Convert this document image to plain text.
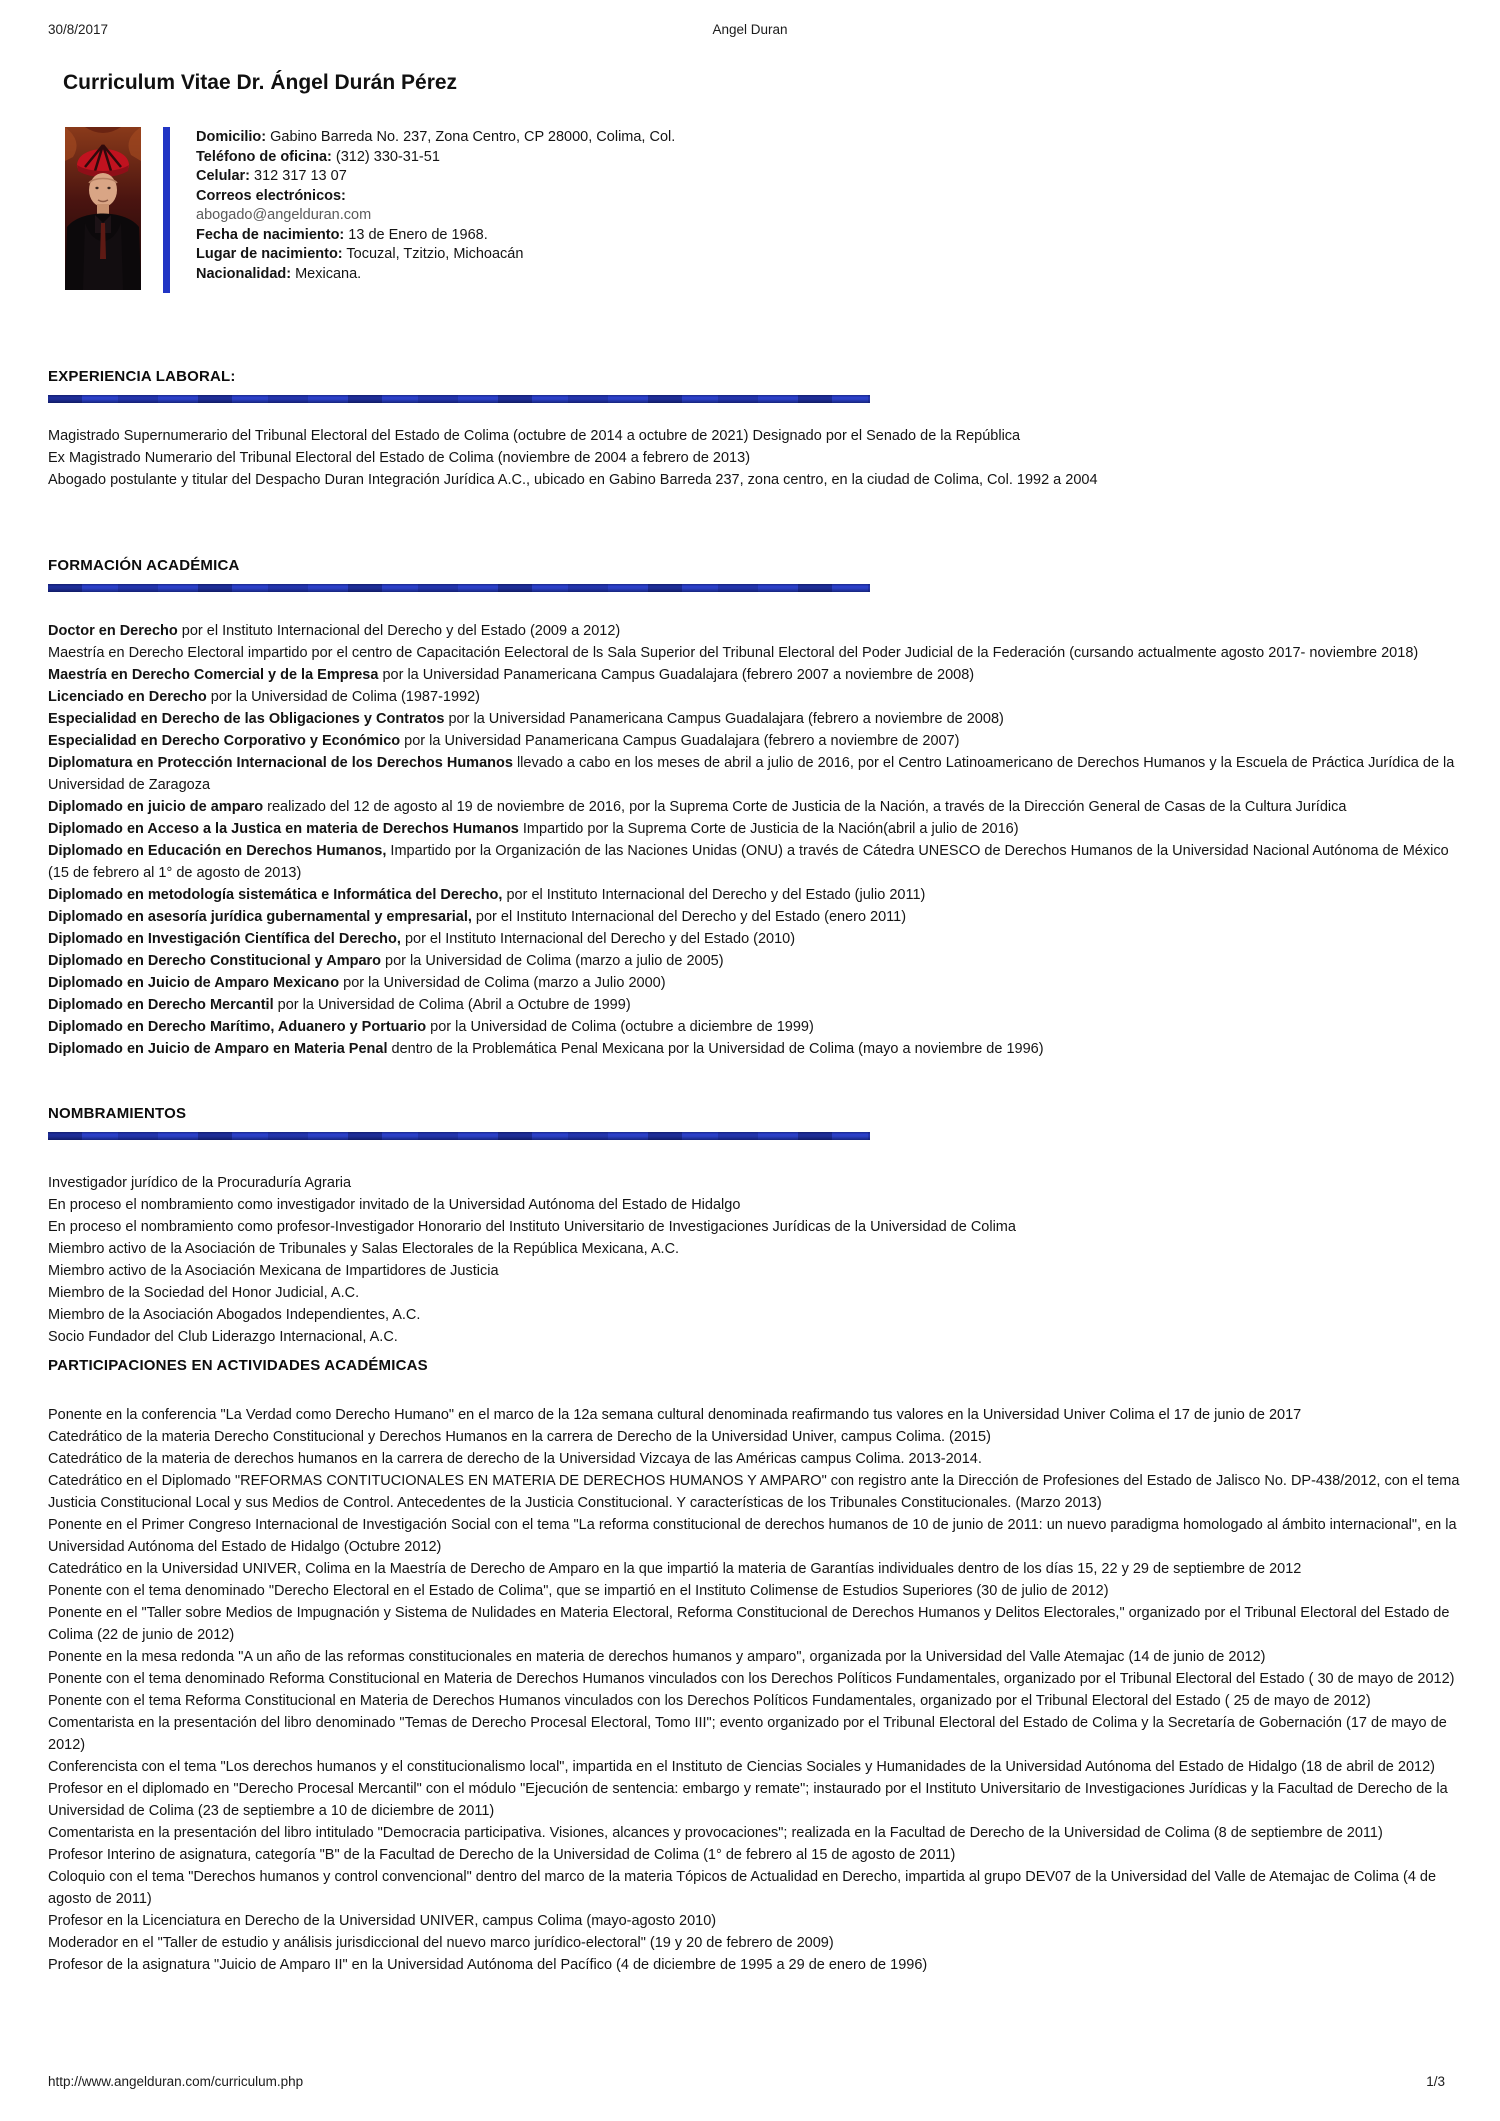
30/8/2017	Angel Duran
Curriculum Vitae Dr. Ángel Durán Pérez
Domicilio: Gabino Barreda No. 237, Zona Centro, CP 28000, Colima, Col.
Teléfono de oficina: (312) 330-31-51
Celular: 312 317 13 07
Correos electrónicos:
abogado@angelduran.com
Fecha de nacimiento: 13 de Enero de 1968.
Lugar de nacimiento: Tocuzal, Tzitzio, Michoacán
Nacionalidad: Mexicana.
EXPERIENCIA LABORAL:

Magistrado Supernumerario del Tribunal Electoral del Estado de Colima (octubre de 2014 a octubre de 2021) Designado por el Senado de la República

Ex Magistrado Numerario del Tribunal Electoral del Estado de Colima (noviembre de 2004 a febrero de 2013)

Abogado postulante y titular del Despacho Duran Integración Jurídica A.C., ubicado en Gabino Barreda 237, zona centro, en la ciudad de Colima, Col. 1992 a 2004

FORMACIÓN ACADÉMICA

Doctor en Derecho por el Instituto Internacional del Derecho y del Estado (2009 a 2012)

Maestría en Derecho Electoral impartido por el centro de Capacitación Eelectoral de ls Sala Superior del Tribunal Electoral del Poder Judicial de la Federación (cursando actualmente agosto 2017- noviembre 2018)

Maestría en Derecho Comercial y de la Empresa por la Universidad Panamericana Campus Guadalajara (febrero 2007 a noviembre de 2008)

Licenciado en Derecho por la Universidad de Colima (1987-1992)

Especialidad en Derecho de las Obligaciones y Contratos por la Universidad Panamericana Campus Guadalajara (febrero a noviembre de 2008)

Especialidad en Derecho Corporativo y Económico por la Universidad Panamericana Campus Guadalajara (febrero a noviembre de 2007)

Diplomatura en Protección Internacional de los Derechos Humanos llevado a cabo en los meses de abril a julio de 2016, por el Centro Latinoamericano de Derechos Humanos y la Escuela de Práctica Jurídica de la Universidad de Zaragoza

Diplomado en juicio de amparo realizado del 12 de agosto al 19 de noviembre de 2016, por la Suprema Corte de Justicia de la Nación, a través de la Dirección General de Casas de la Cultura Jurídica

Diplomado en Acceso a la Justica en materia de Derechos Humanos Impartido por la Suprema Corte de Justicia de la Nación(abril a julio de 2016)

Diplomado en Educación en Derechos Humanos, Impartido por la Organización de las Naciones Unidas (ONU) a través de Cátedra UNESCO de Derechos Humanos de la Universidad Nacional Autónoma de México (15 de febrero al 1° de agosto de 2013)

Diplomado en metodología sistemática e Informática del Derecho, por el Instituto Internacional del Derecho y del Estado (julio 2011)

Diplomado en asesoría jurídica gubernamental y empresarial, por el Instituto Internacional del Derecho y del Estado (enero 2011)

Diplomado en Investigación Científica del Derecho, por el Instituto Internacional del Derecho y del Estado (2010)

Diplomado en Derecho Constitucional y Amparo por la Universidad de Colima (marzo a julio de 2005)

Diplomado en Juicio de Amparo Mexicano por la Universidad de Colima (marzo a Julio 2000)

Diplomado en Derecho Mercantil por la Universidad de Colima (Abril a Octubre de 1999)

Diplomado en Derecho Marítimo, Aduanero y Portuario por la Universidad de Colima (octubre a diciembre de 1999)

Diplomado en Juicio de Amparo en Materia Penal dentro de la Problemática Penal Mexicana por la Universidad de Colima (mayo a noviembre de 1996)

NOMBRAMIENTOS

Investigador jurídico de la Procuraduría Agraria

En proceso el nombramiento como investigador invitado de la Universidad Autónoma del Estado de Hidalgo

En proceso el nombramiento como profesor-Investigador Honorario del Instituto Universitario de Investigaciones Jurídicas de la Universidad de Colima

Miembro activo de la Asociación de Tribunales y Salas Electorales de la República Mexicana, A.C.

Miembro activo de la Asociación Mexicana de Impartidores de Justicia

Miembro de la Sociedad del Honor Judicial, A.C.

Miembro de la Asociación Abogados Independientes, A.C.

Socio Fundador del Club Liderazgo Internacional, A.C.

PARTICIPACIONES EN ACTIVIDADES ACADÉMICAS

Ponente en la conferencia "La Verdad como Derecho Humano" en el marco de la 12a semana cultural denominada reafirmando tus valores en la Universidad Univer Colima el 17 de junio de 2017

Catedrático de la materia Derecho Constitucional y Derechos Humanos en la carrera de Derecho de la Universidad Univer, campus Colima. (2015)

Catedrático de la materia de derechos humanos en la carrera de derecho de la Universidad Vizcaya de las Américas campus Colima. 2013-2014.

Catedrático en el Diplomado "REFORMAS CONTITUCIONALES EN MATERIA DE DERECHOS HUMANOS Y AMPARO" con registro ante la Dirección de Profesiones del Estado de Jalisco No. DP-438/2012, con el tema Justicia Constitucional Local y sus Medios de Control. Antecedentes de la Justicia Constitucional. Y características de los Tribunales Constitucionales. (Marzo 2013)

Ponente en el Primer Congreso Internacional de Investigación Social con el tema "La reforma constitucional de derechos humanos de 10 de junio de 2011: un nuevo paradigma homologado al ámbito internacional", en la Universidad Autónoma del Estado de Hidalgo (Octubre 2012)

Catedrático en la Universidad UNIVER, Colima en la Maestría de Derecho de Amparo en la que impartió la materia de Garantías individuales dentro de los días 15, 22 y 29 de septiembre de 2012

Ponente con el tema denominado "Derecho Electoral en el Estado de Colima", que se impartió en el Instituto Colimense de Estudios Superiores (30 de julio de 2012)

Ponente en el "Taller sobre Medios de Impugnación y Sistema de Nulidades en Materia Electoral, Reforma Constitucional de Derechos Humanos y Delitos Electorales," organizado por el Tribunal Electoral del Estado de Colima (22 de junio de 2012)

Ponente en la mesa redonda "A un año de las reformas constitucionales en materia de derechos humanos y amparo", organizada por la Universidad del Valle Atemajac (14 de junio de 2012)

Ponente con el tema denominado Reforma Constitucional en Materia de Derechos Humanos vinculados con los Derechos Políticos Fundamentales, organizado por el Tribunal Electoral del Estado ( 30 de mayo de 2012)

Ponente con el tema Reforma Constitucional en Materia de Derechos Humanos vinculados con los Derechos Políticos Fundamentales, organizado por el Tribunal Electoral del Estado ( 25 de mayo de 2012)

Comentarista en la presentación del libro denominado "Temas de Derecho Procesal Electoral, Tomo III"; evento organizado por el Tribunal Electoral del Estado de Colima y la Secretaría de Gobernación (17 de mayo de 2012)

Conferencista con el tema "Los derechos humanos y el constitucionalismo local", impartida en el Instituto de Ciencias Sociales y Humanidades de la Universidad Autónoma del Estado de Hidalgo (18 de abril de 2012)

Profesor en el diplomado en "Derecho Procesal Mercantil" con el módulo "Ejecución de sentencia: embargo y remate"; instaurado por el Instituto Universitario de Investigaciones Jurídicas y la Facultad de Derecho de la Universidad de Colima (23 de septiembre a 10 de diciembre de 2011)

Comentarista en la presentación del libro intitulado "Democracia participativa. Visiones, alcances y provocaciones"; realizada en la Facultad de Derecho de la Universidad de Colima (8 de septiembre de 2011)

Profesor Interino de asignatura, categoría "B" de la Facultad de Derecho de la Universidad de Colima (1° de febrero al 15 de agosto de 2011)

Coloquio con el tema "Derechos humanos y control convencional" dentro del marco de la materia Tópicos de Actualidad en Derecho, impartida al grupo DEV07 de la Universidad del Valle de Atemajac de Colima (4 de agosto de 2011)

Profesor en la Licenciatura en Derecho de la Universidad UNIVER, campus Colima (mayo-agosto 2010)

Moderador en el "Taller de estudio y análisis jurisdiccional del nuevo marco jurídico-electoral" (19 y 20 de febrero de 2009)

Profesor de la asignatura "Juicio de Amparo II" en la Universidad Autónoma del Pacífico (4 de diciembre de 1995 a 29 de enero de 1996)

http://www.angelduran.com/curriculum.php	1/3
